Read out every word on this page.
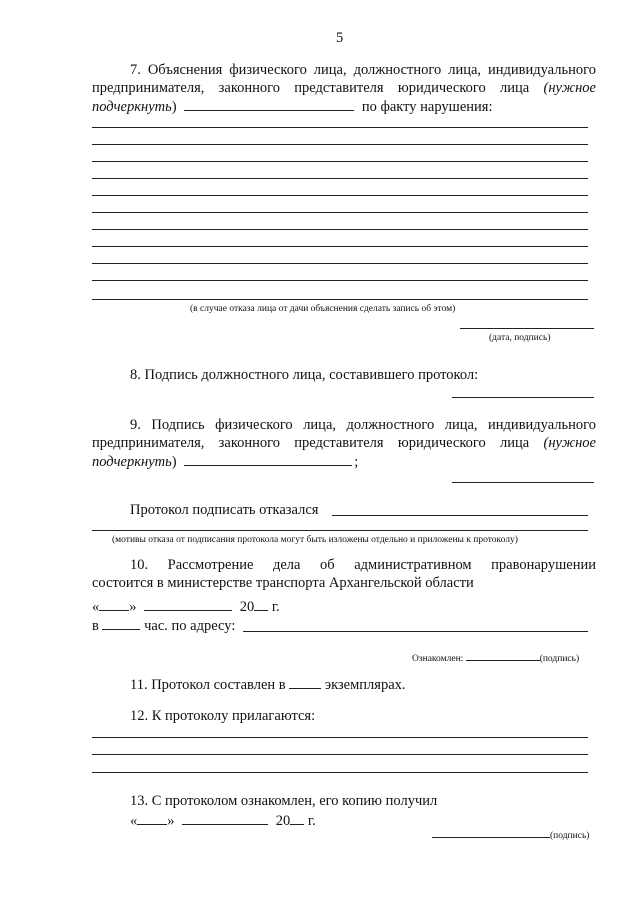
5
7. Объяснения физического лица, должностного лица, индивидуального
предпринимателя, законного представителя юридического лица (нужное
подчеркнуть)	по факту нарушения:
(в случае отказа лица от дачи объяснения сделать запись об этом)
(дата, подпись)
8. Подпись должностного лица, составившего протокол:
9. Подпись физического лица, должностного лица, индивидуального
предпринимателя, законного представителя юридического лица (нужное
подчеркнуть)	;
Протокол подписать отказался
(мотивы отказа от подписания протокола могут быть изложены отдельно и приложены к протоколу)
10. Рассмотрение дела об административном правонарушении
состоится в министерстве транспорта Архангельской области
« »	20 г.
в	час. по адресу:
Ознакомлен:	(подпись)
11. Протокол составлен в	экземплярах.
12. К протоколу прилагаются:
13. С протоколом ознакомлен, его копию получил
« »	20 г.
(подпись)
